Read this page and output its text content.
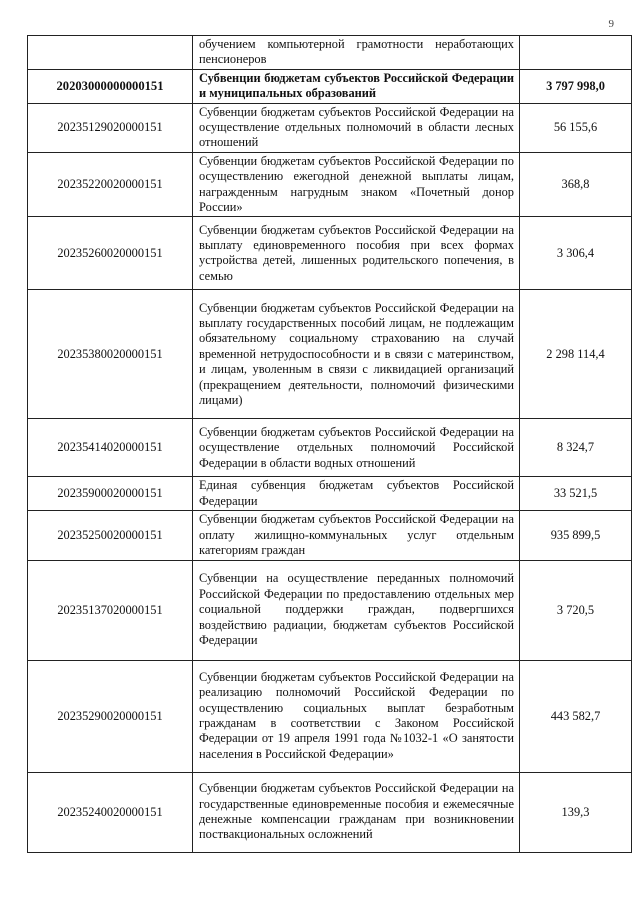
9
	обучением компьютерной грамотности неработающих пенсионеров	
20203000000000151	Субвенции бюджетам субъектов Российской Федерации и муниципальных образований	3 797 998,0
20235129020000151	Субвенции бюджетам субъектов Российской Федерации на осуществление отдельных полномочий в области лесных отношений	56 155,6
20235220020000151	Субвенции бюджетам субъектов Российской Федерации по осуществлению ежегодной денежной выплаты лицам, награжденным нагрудным знаком «Почетный донор России»	368,8
20235260020000151	Субвенции бюджетам субъектов Российской Федерации на выплату единовременного пособия при всех формах устройства детей, лишенных родительского попечения, в семью	3 306,4
20235380020000151	Субвенции бюджетам субъектов Российской Федерации на выплату государственных пособий лицам, не подлежащим обязательному социальному страхованию на случай временной нетрудоспособности и в связи с материнством, и лицам, уволенным в связи с ликвидацией организаций (прекращением деятельности, полномочий физическими лицами)	2 298 114,4
20235414020000151	Субвенции бюджетам субъектов Российской Федерации на осуществление отдельных полномочий Российской Федерации в области водных отношений	8 324,7
20235900020000151	Единая субвенция бюджетам субъектов Российской Федерации	33 521,5
20235250020000151	Субвенции бюджетам субъектов Российской Федерации на оплату жилищно-коммунальных услуг отдельным категориям граждан	935 899,5
20235137020000151	Субвенции на осуществление переданных полномочий Российской Федерации по предоставлению отдельных мер социальной поддержки граждан, подвергшихся воздействию радиации, бюджетам субъектов Российской Федерации	3 720,5
20235290020000151	Субвенции бюджетам субъектов Российской Федерации на реализацию полномочий Российской Федерации по осуществлению социальных выплат безработным гражданам в соответствии с Законом Российской Федерации от 19 апреля 1991 года №1032-1 «О занятости населения в Российской Федерации»	443 582,7
20235240020000151	Субвенции бюджетам субъектов Российской Федерации на государственные единовременные пособия и ежемесячные денежные компенсации гражданам при возникновении поствакциональных осложнений	139,3
